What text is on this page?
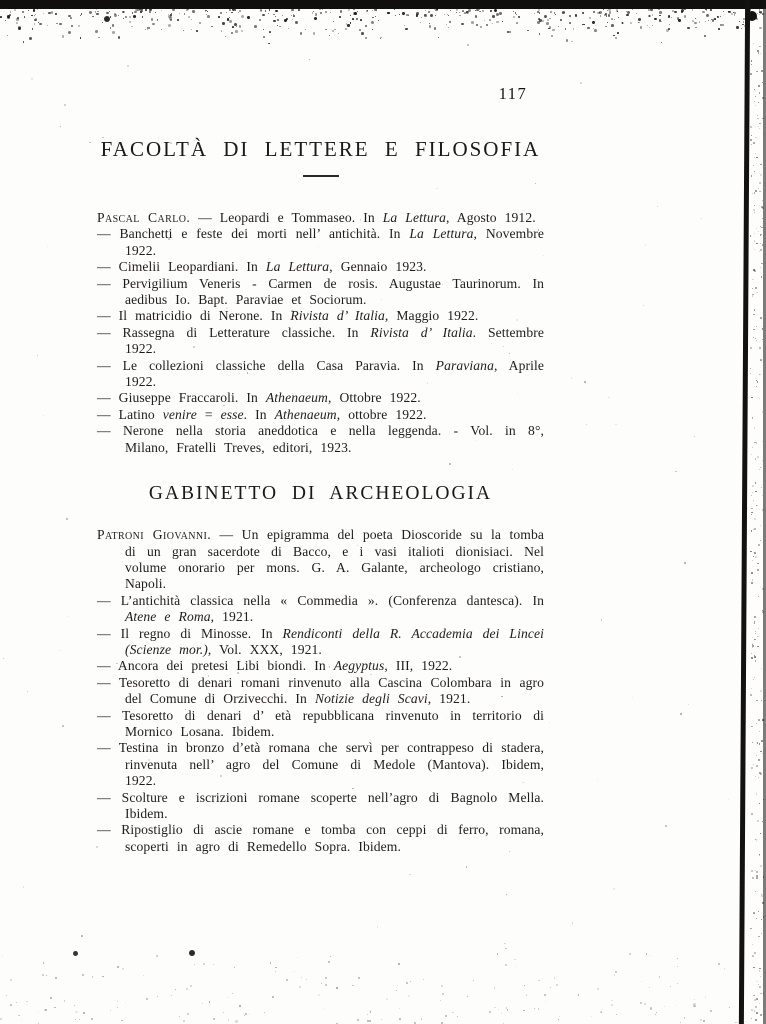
117
FACOLTÀ DI LETTERE E FILOSOFIA

Pascal Carlo. — Leopardi e Tommaseo. In La Lettura, Agosto 1912.

— Banchetti e feste dei morti nell’ antichità. In La Lettura, Novembre 1922.

— Cimelii Leopardiani. In La Lettura, Gennaio 1923.

— Pervigilium Veneris - Carmen de rosis. Augustae Taurinorum. In aedibus Io. Bapt. Paraviae et Sociorum.

— Il matricidio di Nerone. In Rivista d’ Italia, Maggio 1922.

— Rassegna di Letterature classiche. In Rivista d’ Italia. Settembre 1922.

— Le collezioni classiche della Casa Paravia. In Paraviana, Aprile 1922.

— Giuseppe Fraccaroli. In Athenaeum, Ottobre 1922.

— Latino venire = esse. In Athenaeum, ottobre 1922.

— Nerone nella storia aneddotica e nella leggenda. - Vol. in 8°, Milano, Fratelli Treves, editori, 1923.

GABINETTO DI ARCHEOLOGIA

Patroni Giovanni. — Un epigramma del poeta Dioscoride su la tomba di un gran sacerdote di Bacco, e i vasi italioti dionisiaci. Nel volume onorario per mons. G. A. Galante, archeologo cristiano, Napoli.

— L’antichità classica nella « Commedia ». (Conferenza dantesca). In Atene e Roma, 1921.

— Il regno di Minosse. In Rendiconti della R. Accademia dei Lincei (Scienze mor.), Vol. XXX, 1921.

— Ancora dei pretesi Libi biondi. In Aegyptus, III, 1922.

— Tesoretto di denari romani rinvenuto alla Cascina Colombara in agro del Comune di Orzivecchi. In Notizie degli Scavi, 1921.

— Tesoretto di denari d’ età repubblicana rinvenuto in territorio di Mornico Losana. Ibidem.

— Testina in bronzo d’età romana che servì per contrappeso di stadera, rinvenuta nell’ agro del Comune di Medole (Mantova). Ibidem, 1922.

— Scolture e iscrizioni romane scoperte nell’agro di Bagnolo Mella. Ibidem.

— Ripostiglio di ascie romane e tomba con ceppi di ferro, romana, scoperti in agro di Remedello Sopra. Ibidem.
